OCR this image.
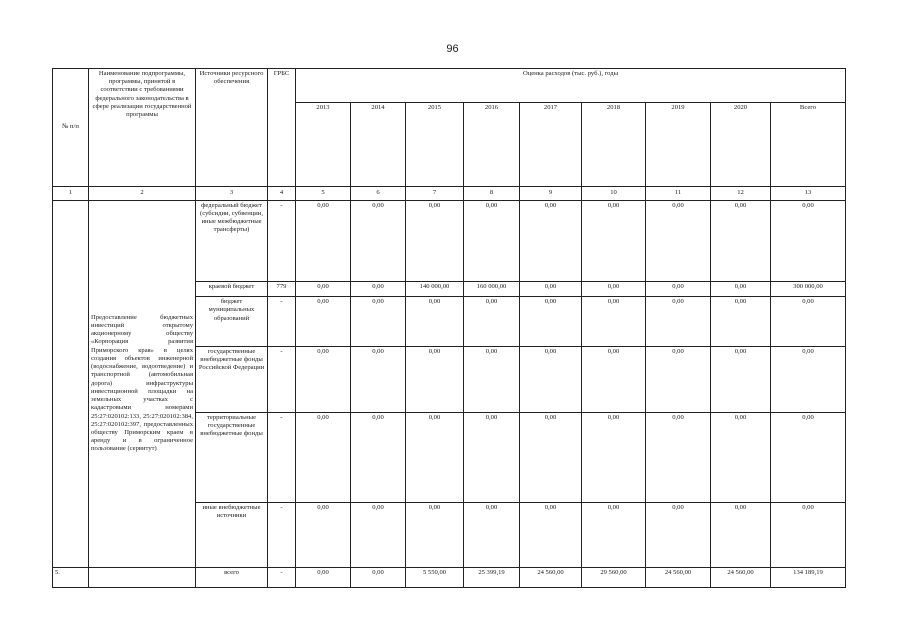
96
№ п/п	Наименование подпрограммы, программы, принятой в соответствии с требованиями федерального законодательства в сфере реализации государственной программы	Источники ресурсного обеспечения	ГРБС	Оценка расходов (тыс. руб.), годы								
				2013	2014	2015	2016	2017	2018	2019	2020	Всего
1	2	3	4	5	6	7	8	9	10	11	12	13
	Предоставление бюджетных инвестиций открытому акционерному обществу «Корпорация развития Приморского края» в целях создания объектов инженерной (водоснабжение, водоотведение) и транспортной (автомобильная дорога) инфраструктуры инвестиционной площадки на земельных участках с кадастровыми номерами 25:27:020102:133, 25:27:020102:384, 25:27:020102:397, предоставленных обществу Приморским краем в аренду и в ограниченное пользование (сервитут)	федеральный бюджет (субсидии, субвенции, иные межбюджетные трансферты)	-	0,00	0,00	0,00	0,00	0,00	0,00	0,00	0,00	0,00
		краевой бюджет	779	0,00	0,00	140 000,00	160 000,00	0,00	0,00	0,00	0,00	300 000,00
		бюджет муниципальных образований	-	0,00	0,00	0,00	0,00	0,00	0,00	0,00	0,00	0,00
		государственные внебюджетные фонды Российской Федерации	-	0,00	0,00	0,00	0,00	0,00	0,00	0,00	0,00	0,00
		территориальные государственные внебюджетные фонды	-	0,00	0,00	0,00	0,00	0,00	0,00	0,00	0,00	0,00
		иные внебюджетные источники	-	0,00	0,00	0,00	0,00	0,00	0,00	0,00	0,00	0,00
5.		всего	-	0,00	0,00	5 550,00	25 399,19	24 560,00	29 560,00	24 560,00	24 560,00	134 189,19
